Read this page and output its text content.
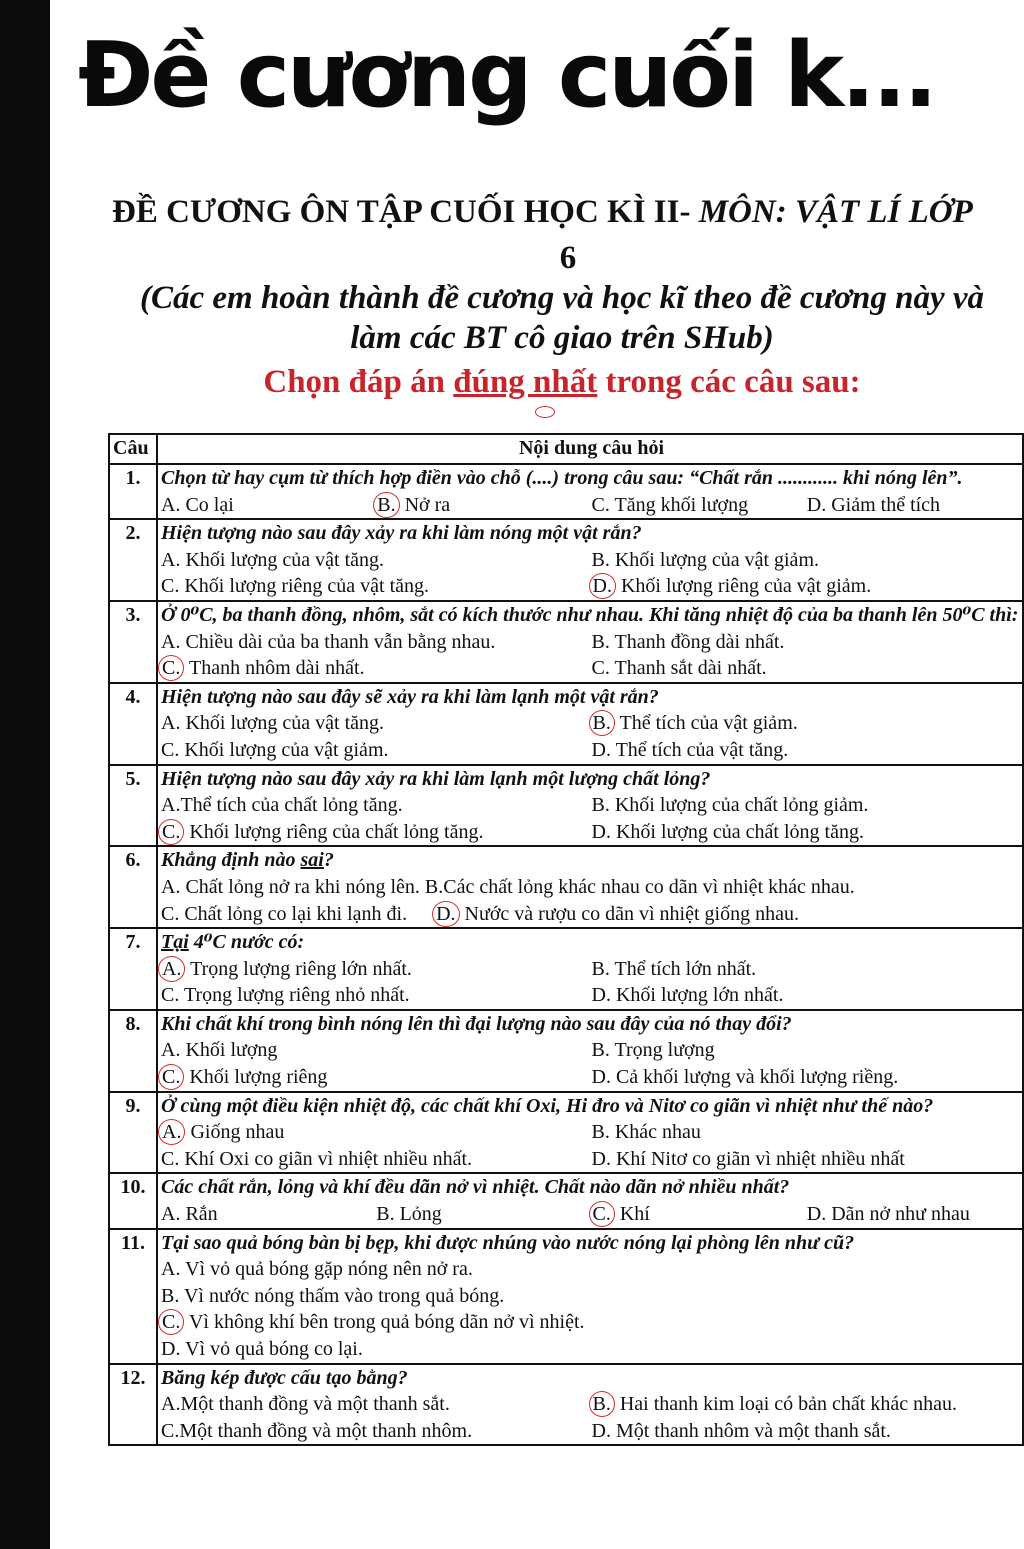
Đề cương cuối k...
ĐỀ CƯƠNG ÔN TẬP CUỐI HỌC KÌ II- MÔN: VẬT LÍ LỚP
6
(Các em hoàn thành đề cương và học kĩ theo đề cương này và
làm các BT cô giao trên SHub)
Chọn đáp án đúng nhất trong các câu sau:
Câu	Nội dung câu hỏi
1.	Chọn từ hay cụm từ thích hợp điền vào chỗ (....) trong câu sau: “Chất rắn ............ khi nóng lên”.
A. Co lại B. Nở ra C. Tăng khối lượng D. Giảm thể tích

2.	Hiện tượng nào sau đây xảy ra khi làm nóng một vật rắn?
A. Khối lượng của vật tăng. B. Khối lượng của vật giảm.
C. Khối lượng riêng của vật tăng. D. Khối lượng riêng của vật giảm.

3.	Ở 0⁰C, ba thanh đồng, nhôm, sắt có kích thước như nhau. Khi tăng nhiệt độ của ba thanh lên 50⁰C thì:
A. Chiều dài của ba thanh vẫn bằng nhau. B. Thanh đồng dài nhất.
C. Thanh nhôm dài nhất. C. Thanh sắt dài nhất.

4.	Hiện tượng nào sau đây sẽ xảy ra khi làm lạnh một vật rắn?
A. Khối lượng của vật tăng. B. Thể tích của vật giảm.
C. Khối lượng của vật giảm. D. Thể tích của vật tăng.

5.	Hiện tượng nào sau đây xảy ra khi làm lạnh một lượng chất lỏng?
A.Thể tích của chất lỏng tăng. B. Khối lượng của chất lỏng giảm.
C. Khối lượng riêng của chất lỏng tăng. D. Khối lượng của chất lỏng tăng.

6.	Khẳng định nào sai?
A. Chất lỏng nở ra khi nóng lên. B.Các chất lỏng khác nhau co dãn vì nhiệt khác nhau.
C. Chất lỏng co lại khi lạnh đi. D. Nước và rượu co dãn vì nhiệt giống nhau.

7.	Tại 4⁰C nước có:
A. Trọng lượng riêng lớn nhất. B. Thể tích lớn nhất.
C. Trọng lượng riêng nhỏ nhất. D. Khối lượng lớn nhất.

8.	Khi chất khí trong bình nóng lên thì đại lượng nào sau đây của nó thay đổi?
A. Khối lượng B. Trọng lượng
C. Khối lượng riêng D. Cả khối lượng và khối lượng riềng.

9.	Ở cùng một điều kiện nhiệt độ, các chất khí Oxi, Hi đro và Nitơ co giãn vì nhiệt như thế nào?
A. Giống nhau B. Khác nhau
C. Khí Oxi co giãn vì nhiệt nhiều nhất. D. Khí Nitơ co giãn vì nhiệt nhiều nhất

10.	Các chất rắn, lỏng và khí đều dãn nở vì nhiệt. Chất nào dãn nở nhiều nhất?
A. Rắn B. Lỏng C. Khí D. Dãn nở như nhau

11.	Tại sao quả bóng bàn bị bẹp, khi được nhúng vào nước nóng lại phòng lên như cũ?
A. Vì vỏ quả bóng gặp nóng nên nở ra.
B. Vì nước nóng thấm vào trong quả bóng.
C. Vì không khí bên trong quả bóng dãn nở vì nhiệt.
D. Vì vỏ quả bóng co lại.

12.	Băng kép được cấu tạo bằng?
A.Một thanh đồng và một thanh sắt. B. Hai thanh kim loại có bản chất khác nhau.
C.Một thanh đồng và một thanh nhôm. D. Một thanh nhôm và một thanh sắt.
